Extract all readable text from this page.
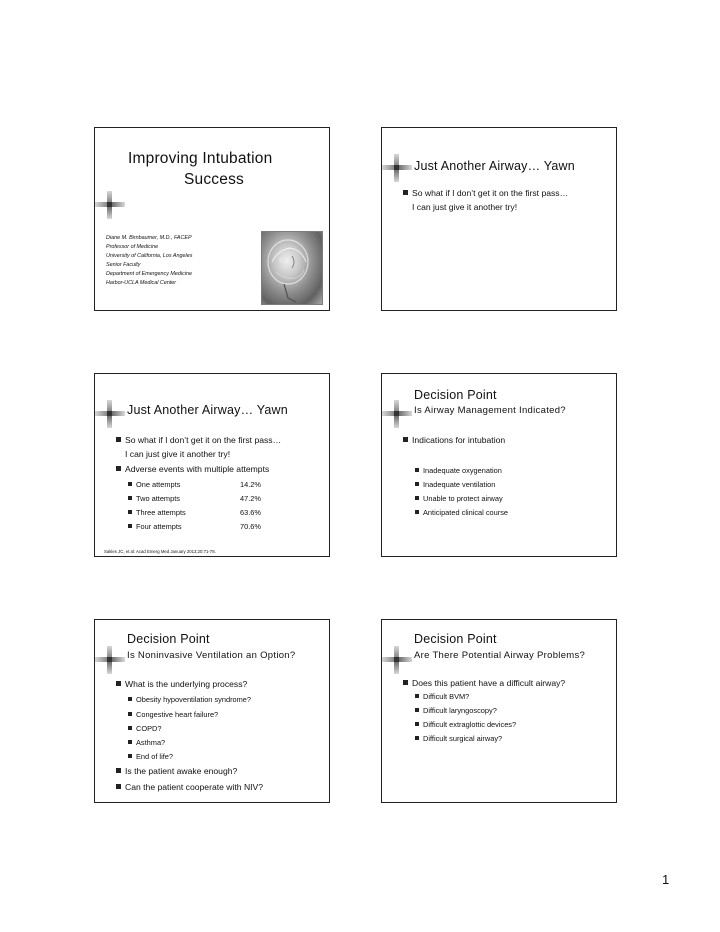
Improving Intubation
Success
Diane M. Birnbaumer, M.D., FACEP
Professor of Medicine
University of California, Los Angeles
Senior Faculty
Department of Emergency Medicine
Harbor-UCLA Medical Center
Just Another Airway… Yawn
So what if I don’t get it on the first pass…
I can just give it another try!
Just Another Airway… Yawn
So what if I don’t get it on the first pass…
I can just give it another try!
Adverse events with multiple attempts
One attempts	14.2%
Two attempts	47.2%
Three attempts	63.6%
Four attempts	70.6%
Sakles JC, et al: Acad Emerg Med January 2013;20:71-78.
Decision Point
Is Airway Management Indicated?
Indications for intubation
Inadequate oxygenation
Inadequate ventilation
Unable to protect airway
Anticipated clinical course
Decision Point
Is Noninvasive Ventilation an Option?
What is the underlying process?
Obesity hypoventilation syndrome?
Congestive heart failure?
COPD?
Asthma?
End of life?
Is the patient awake enough?
Can the patient cooperate with NIV?
Decision Point
Are There Potential Airway Problems?
Does this patient have a difficult airway?
Difficult BVM?
Difficult laryngoscopy?
Difficult extraglottic devices?
Difficult surgical airway?
1
